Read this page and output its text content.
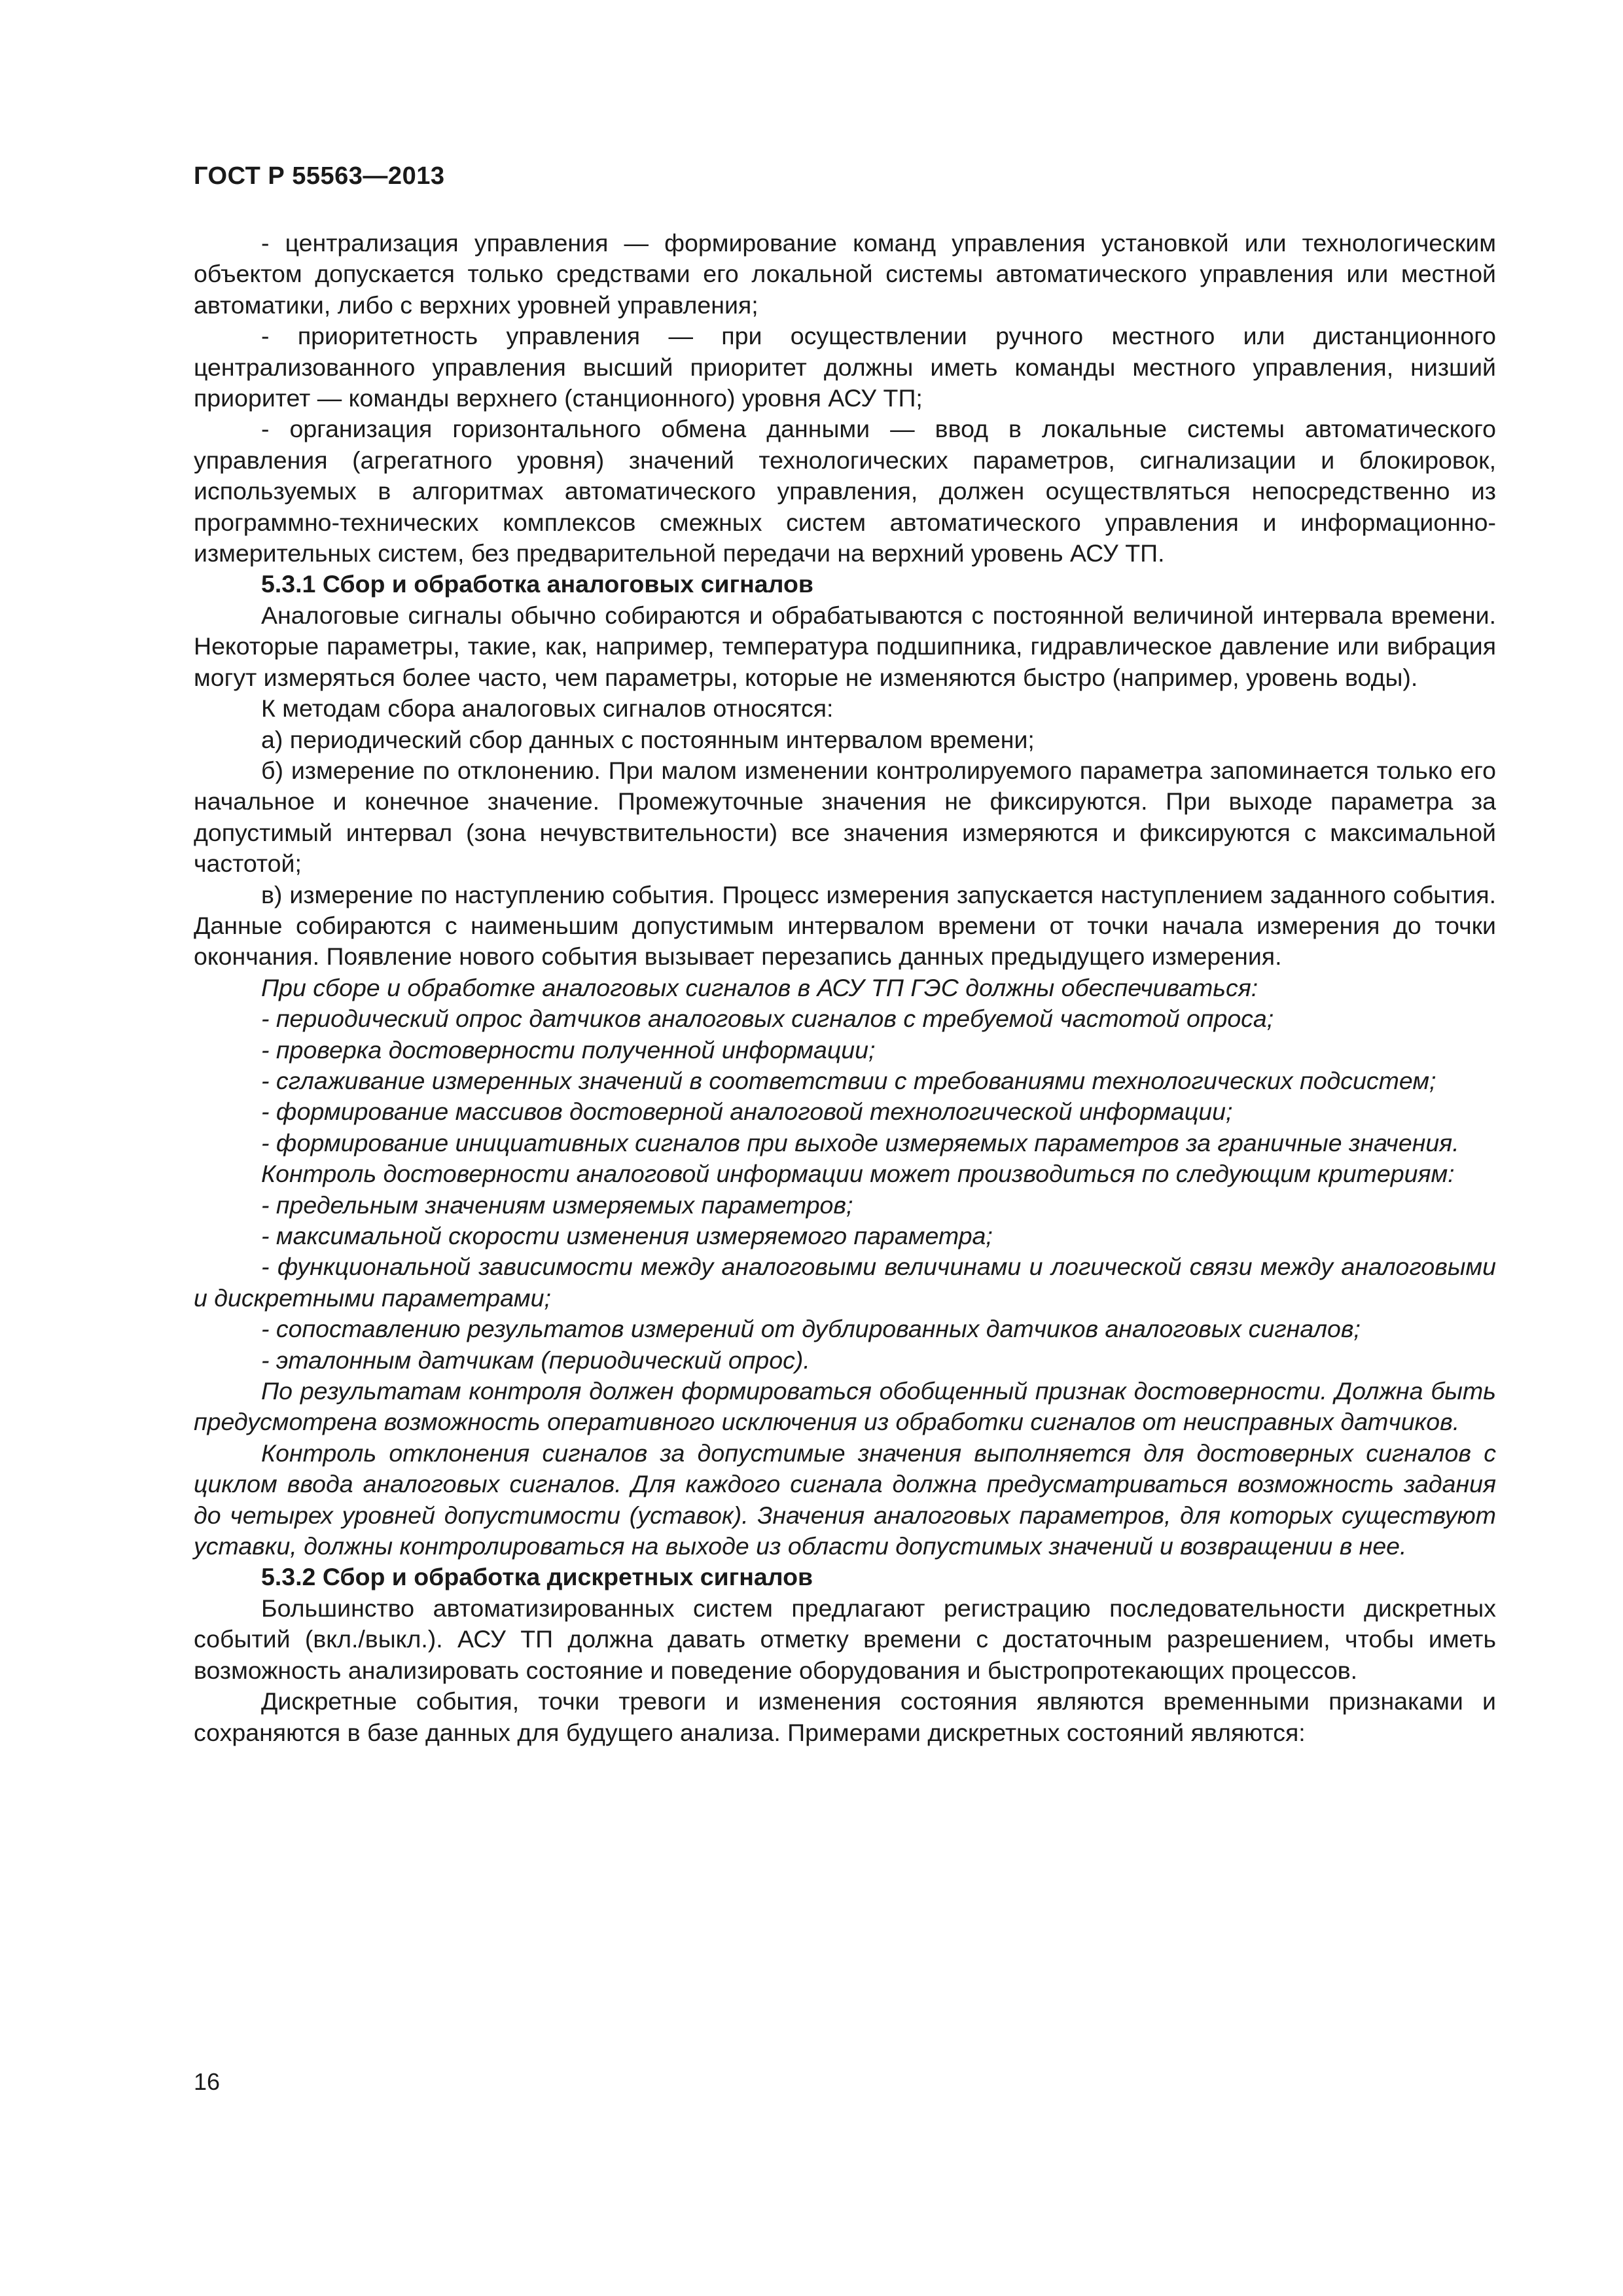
ГОСТ Р 55563—2013

- централизация управления — формирование команд управления установкой или технологическим объектом допускается только средствами его локальной системы автоматического управления или местной автоматики, либо с верхних уровней управления;

- приоритетность управления — при осуществлении ручного местного или дистанционного централизованного управления высший приоритет должны иметь команды местного управления, низший приоритет — команды верхнего (станционного) уровня АСУ ТП;

- организация горизонтального обмена данными — ввод в локальные системы автоматического управления (агрегатного уровня) значений технологических параметров, сигнализации и блокировок, используемых в алгоритмах автоматического управления, должен осуществляться непосредственно из программно-технических комплексов смежных систем автоматического управления и информационно-измерительных систем, без предварительной передачи на верхний уровень АСУ ТП.

5.3.1 Сбор и обработка аналоговых сигналов

Аналоговые сигналы обычно собираются и обрабатываются с постоянной величиной интервала времени. Некоторые параметры, такие, как, например, температура подшипника, гидравлическое давление или вибрация могут измеряться более часто, чем параметры, которые не изменяются быстро (например, уровень воды).

К методам сбора аналоговых сигналов относятся:

а) периодический сбор данных с постоянным интервалом времени;

б) измерение по отклонению. При малом изменении контролируемого параметра запоминается только его начальное и конечное значение. Промежуточные значения не фиксируются. При выходе параметра за допустимый интервал (зона нечувствительности) все значения измеряются и фиксируются с максимальной частотой;

в) измерение по наступлению события. Процесс измерения запускается наступлением заданного события. Данные собираются с наименьшим допустимым интервалом времени от точки начала измерения до точки окончания. Появление нового события вызывает перезапись данных предыдущего измерения.

При сборе и обработке аналоговых сигналов в АСУ ТП ГЭС должны обеспечиваться:

- периодический опрос датчиков аналоговых сигналов с требуемой частотой опроса;

- проверка достоверности полученной информации;

- сглаживание измеренных значений в соответствии с требованиями технологических подсистем;

- формирование массивов достоверной аналоговой технологической информации;

- формирование инициативных сигналов при выходе измеряемых параметров за граничные значения.

Контроль достоверности аналоговой информации может производиться по следующим критериям:

- предельным значениям измеряемых параметров;

- максимальной скорости изменения измеряемого параметра;

- функциональной зависимости между аналоговыми величинами и логической связи между аналоговыми и дискретными параметрами;

- сопоставлению результатов измерений от дублированных датчиков аналоговых сигналов;

- эталонным датчикам (периодический опрос).

По результатам контроля должен формироваться обобщенный признак достоверности. Должна быть предусмотрена возможность оперативного исключения из обработки сигналов от неисправных датчиков.

Контроль отклонения сигналов за допустимые значения выполняется для достоверных сигналов с циклом ввода аналоговых сигналов. Для каждого сигнала должна предусматриваться возможность задания до четырех уровней допустимости (уставок). Значения аналоговых параметров, для которых существуют уставки, должны контролироваться на выходе из области допустимых значений и возвращении в нее.

5.3.2 Сбор и обработка дискретных сигналов

Большинство автоматизированных систем предлагают регистрацию последовательности дискретных событий (вкл./выкл.). АСУ ТП должна давать отметку времени с достаточным разрешением, чтобы иметь возможность анализировать состояние и поведение оборудования и быстропротекающих процессов.

Дискретные события, точки тревоги и изменения состояния являются временными признаками и сохраняются в базе данных для будущего анализа. Примерами дискретных состояний являются:

16
